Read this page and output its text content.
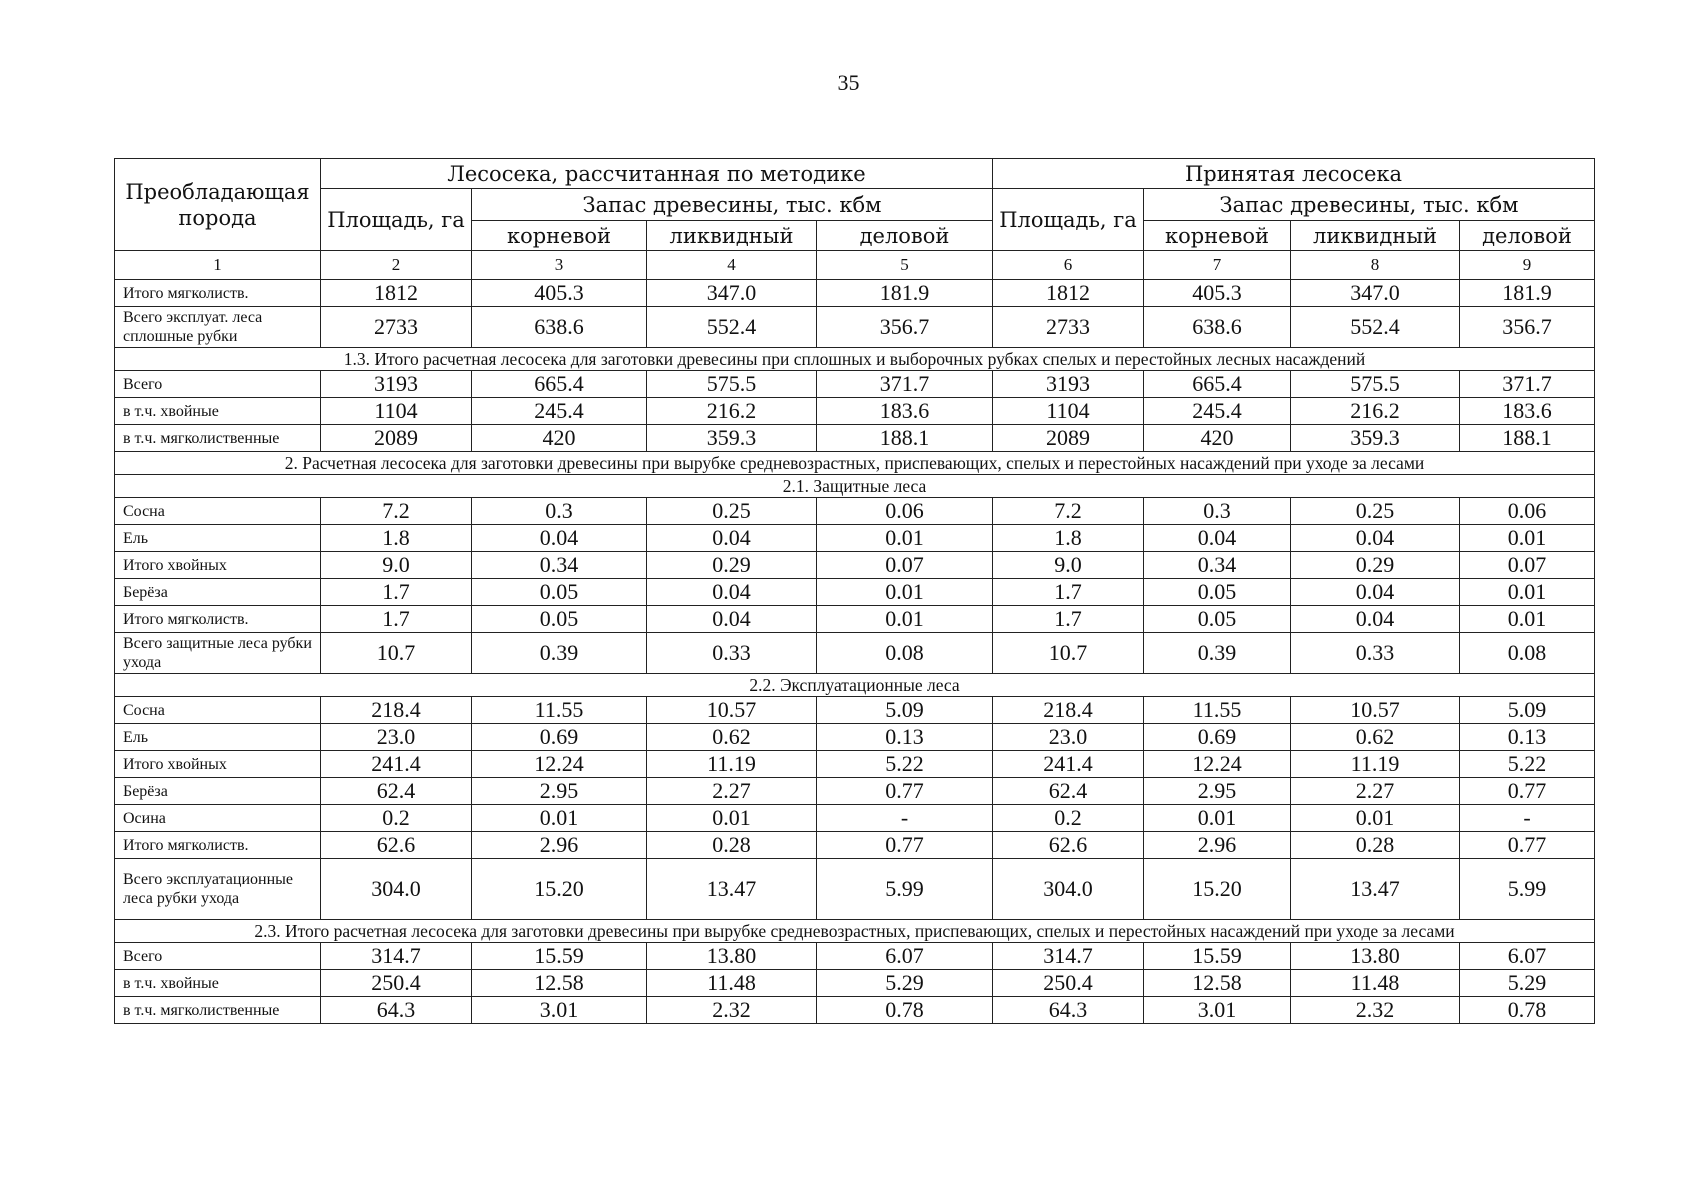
35
Преобладающая порода	Лесосека, рассчитанная по методике				Принятая лесосека			
	Площадь, га	Запас древесины, тыс. кбм			Площадь, га	Запас древесины, тыс. кбм		
		корневой	ликвидный	деловой		корневой	ликвидный	деловой
1	2	3	4	5	6	7	8	9
Итого мягколиств.	1812	405.3	347.0	181.9	1812	405.3	347.0	181.9
Всего эксплуат. леса сплошные рубки	2733	638.6	552.4	356.7	2733	638.6	552.4	356.7
1.3. Итого расчетная лесосека для заготовки древесины при сплошных и выборочных рубках спелых и перестойных лесных насаждений								
Всего	3193	665.4	575.5	371.7	3193	665.4	575.5	371.7
в т.ч. хвойные	1104	245.4	216.2	183.6	1104	245.4	216.2	183.6
в т.ч. мягколиственные	2089	420	359.3	188.1	2089	420	359.3	188.1
2. Расчетная лесосека для заготовки древесины при вырубке средневозрастных, приспевающих, спелых и перестойных насаждений при уходе за лесами								
2.1. Защитные леса								
Сосна	7.2	0.3	0.25	0.06	7.2	0.3	0.25	0.06
Ель	1.8	0.04	0.04	0.01	1.8	0.04	0.04	0.01
Итого хвойных	9.0	0.34	0.29	0.07	9.0	0.34	0.29	0.07
Берёза	1.7	0.05	0.04	0.01	1.7	0.05	0.04	0.01
Итого мягколиств.	1.7	0.05	0.04	0.01	1.7	0.05	0.04	0.01
Всего защитные леса рубки ухода	10.7	0.39	0.33	0.08	10.7	0.39	0.33	0.08
2.2. Эксплуатационные леса								
Сосна	218.4	11.55	10.57	5.09	218.4	11.55	10.57	5.09
Ель	23.0	0.69	0.62	0.13	23.0	0.69	0.62	0.13
Итого хвойных	241.4	12.24	11.19	5.22	241.4	12.24	11.19	5.22
Берёза	62.4	2.95	2.27	0.77	62.4	2.95	2.27	0.77
Осина	0.2	0.01	0.01	-	0.2	0.01	0.01	-
Итого мягколиств.	62.6	2.96	0.28	0.77	62.6	2.96	0.28	0.77
Всего эксплуатационные леса рубки ухода	304.0	15.20	13.47	5.99	304.0	15.20	13.47	5.99
2.3. Итого расчетная лесосека для заготовки древесины при вырубке средневозрастных, приспевающих, спелых и перестойных насаждений при уходе за лесами								
Всего	314.7	15.59	13.80	6.07	314.7	15.59	13.80	6.07
в т.ч. хвойные	250.4	12.58	11.48	5.29	250.4	12.58	11.48	5.29
в т.ч. мягколиственные	64.3	3.01	2.32	0.78	64.3	3.01	2.32	0.78
